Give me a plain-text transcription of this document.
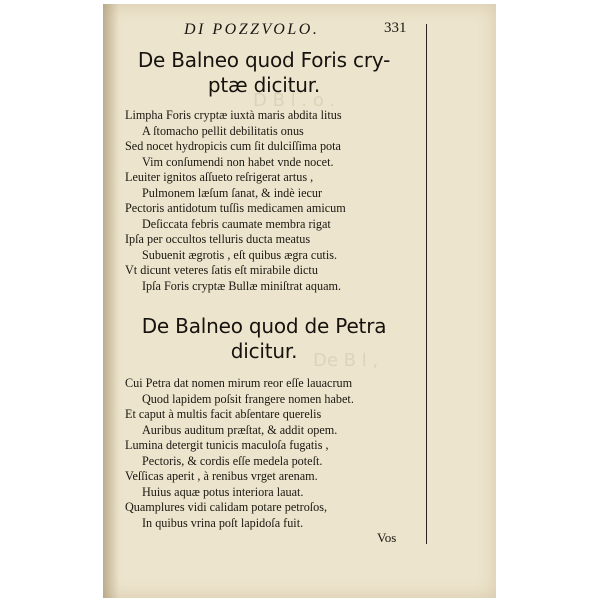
D B l . o .
De B l ,
DI POZZVOLO.	331
De Balneo quod Foris cry-
ptæ dicitur.
Limpha Foris cryptæ iuxtà maris abdita litus
A ſtomacho pellit debilitatis onus
Sed nocet hydropicis cum ſit dulciſſima pota
Vim conſumendi non habet vnde nocet.
Leuiter ignitos aſſueto reſrigerat artus ,
Pulmonem læſum ſanat, & indè iecur
Pectoris antidotum tuſſis medicamen amicum
Deſiccata febris caumate membra rigat
Ipſa per occultos telluris ducta meatus
Subuenit ægrotis , eſt quibus ægra cutis.
Vt dicunt veteres ſatis eſt mirabile dictu
Ipſa Foris cryptæ Bullæ miniſtrat aquam.
De Balneo quod de Petra
dicitur.
Cui Petra dat nomen mirum reor eſſe lauacrum
Quod lapidem poſsit frangere nomen habet.
Et caput à multis facit abſentare querelis
Auribus auditum præſtat, & addit opem.
Lumina detergit tunicis maculoſa fugatis ,
Pectoris, & cordis eſſe medela poteſt.
Veſſicas aperit , à renibus vrget arenam.
Huius aquæ potus interiora lauat.
Quamplures vidi calidam potare petroſos,
In quibus vrina poſt lapidoſa fuit.
Vos
